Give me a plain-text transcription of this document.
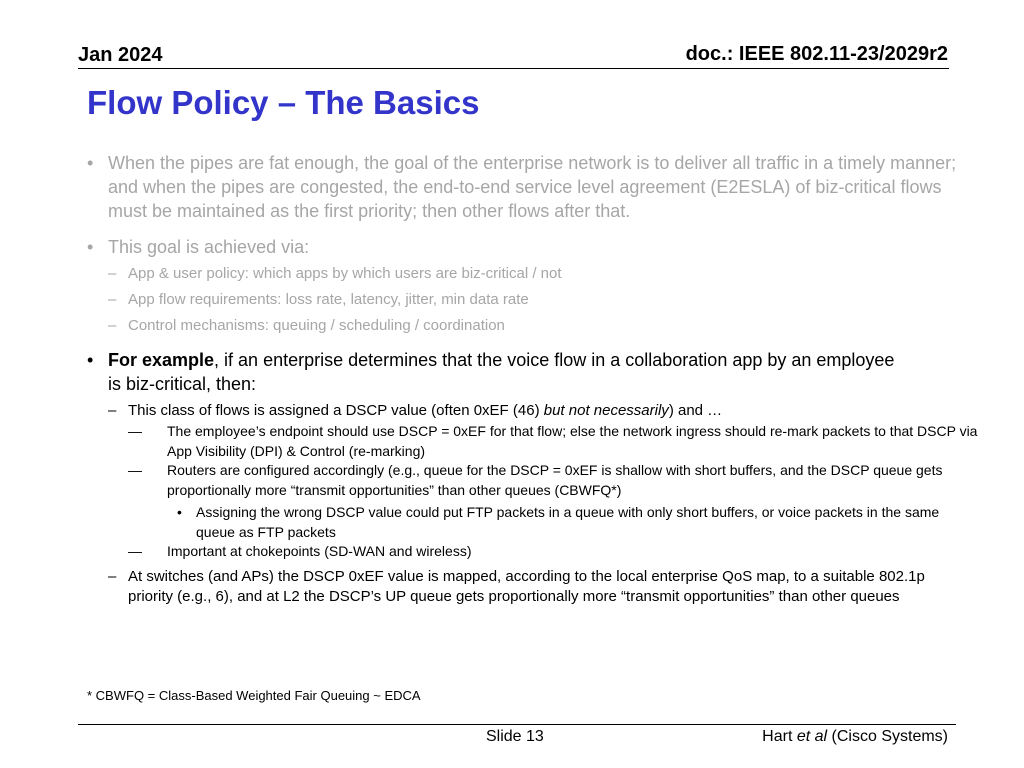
Jan 2024	doc.: IEEE 802.11-23/2029r2
Flow Policy – The Basics
• When the pipes are fat enough, the goal of the enterprise network is to deliver all traffic in a timely manner; and when the pipes are congested, the end-to-end service level agreement (E2ESLA) of biz-critical flows must be maintained as the first priority; then other flows after that.
• This goal is achieved via:
– App & user policy: which apps by which users are biz-critical / not
– App flow requirements: loss rate, latency, jitter, min data rate
– Control mechanisms: queuing / scheduling / coordination
• For example, if an enterprise determines that the voice flow in a collaboration app by an employee is biz-critical, then:
– This class of flows is assigned a DSCP value (often 0xEF (46) but not necessarily) and …
— The employee’s endpoint should use DSCP = 0xEF for that flow; else the network ingress should re-mark packets to that DSCP via App Visibility (DPI) & Control (re-marking)
— Routers are configured accordingly (e.g., queue for the DSCP = 0xEF is shallow with short buffers, and the DSCP queue gets proportionally more “transmit opportunities” than other queues (CBWFQ*)
• Assigning the wrong DSCP value could put FTP packets in a queue with only short buffers, or voice packets in the same queue as FTP packets
— Important at chokepoints (SD-WAN and wireless)
– At switches (and APs) the DSCP 0xEF value is mapped, according to the local enterprise QoS map, to a suitable 802.1p priority (e.g., 6), and at L2 the DSCP’s UP queue gets proportionally more “transmit opportunities” than other queues
* CBWFQ = Class-Based Weighted Fair Queuing ~ EDCA
Slide 13	Hart et al (Cisco Systems)
